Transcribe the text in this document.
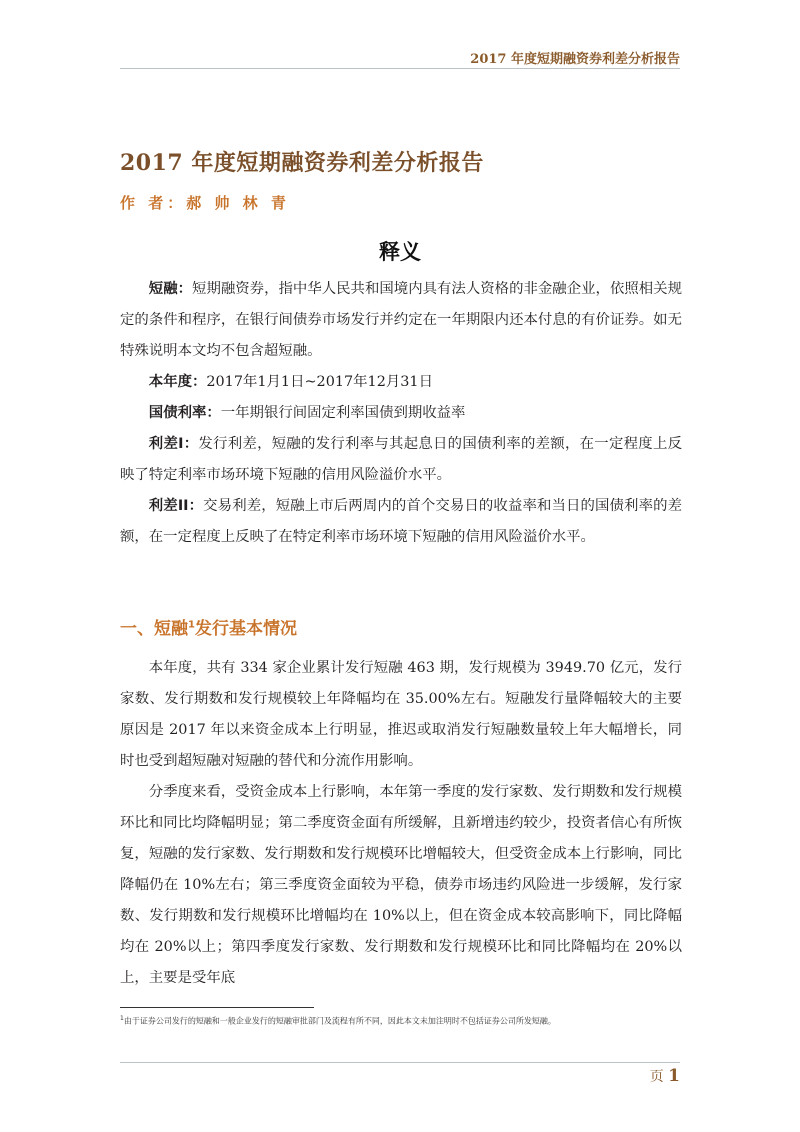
2017 年度短期融资券利差分析报告
2017 年度短期融资券利差分析报告
作 者：郝 帅 林 青
释义

短融：短期融资券，指中华人民共和国境内具有法人资格的非金融企业，依照相关规定的条件和程序，在银行间债券市场发行并约定在一年期限内还本付息的有价证券。如无特殊说明本文均不包含超短融。

本年度：2017年1月1日~2017年12月31日

国债利率：一年期银行间固定利率国债到期收益率

利差I：发行利差，短融的发行利率与其起息日的国债利率的差额，在一定程度上反映了特定利率市场环境下短融的信用风险溢价水平。

利差II：交易利差，短融上市后两周内的首个交易日的收益率和当日的国债利率的差额，在一定程度上反映了在特定利率市场环境下短融的信用风险溢价水平。

一、短融$^1$发行基本情况

本年度，共有 334 家企业累计发行短融 463 期，发行规模为 3949.70 亿元，发行家数、发行期数和发行规模较上年降幅均在 35.00%左右。短融发行量降幅较大的主要原因是 2017 年以来资金成本上行明显，推迟或取消发行短融数量较上年大幅增长，同时也受到超短融对短融的替代和分流作用影响。

分季度来看，受资金成本上行影响，本年第一季度的发行家数、发行期数和发行规模环比和同比均降幅明显；第二季度资金面有所缓解，且新增违约较少，投资者信心有所恢复，短融的发行家数、发行期数和发行规模环比增幅较大，但受资金成本上行影响，同比降幅仍在 10%左右；第三季度资金面较为平稳，债券市场违约风险进一步缓解，发行家数、发行期数和发行规模环比增幅均在 10%以上，但在资金成本较高影响下，同比降幅均在 20%以上；第四季度发行家数、发行期数和发行规模环比和同比降幅均在 20%以上，主要是受年底

$^1$由于证券公司发行的短融和一般企业发行的短融审批部门及流程有所不同，因此本文未加注明时不包括证券公司所发短融。
页 1
